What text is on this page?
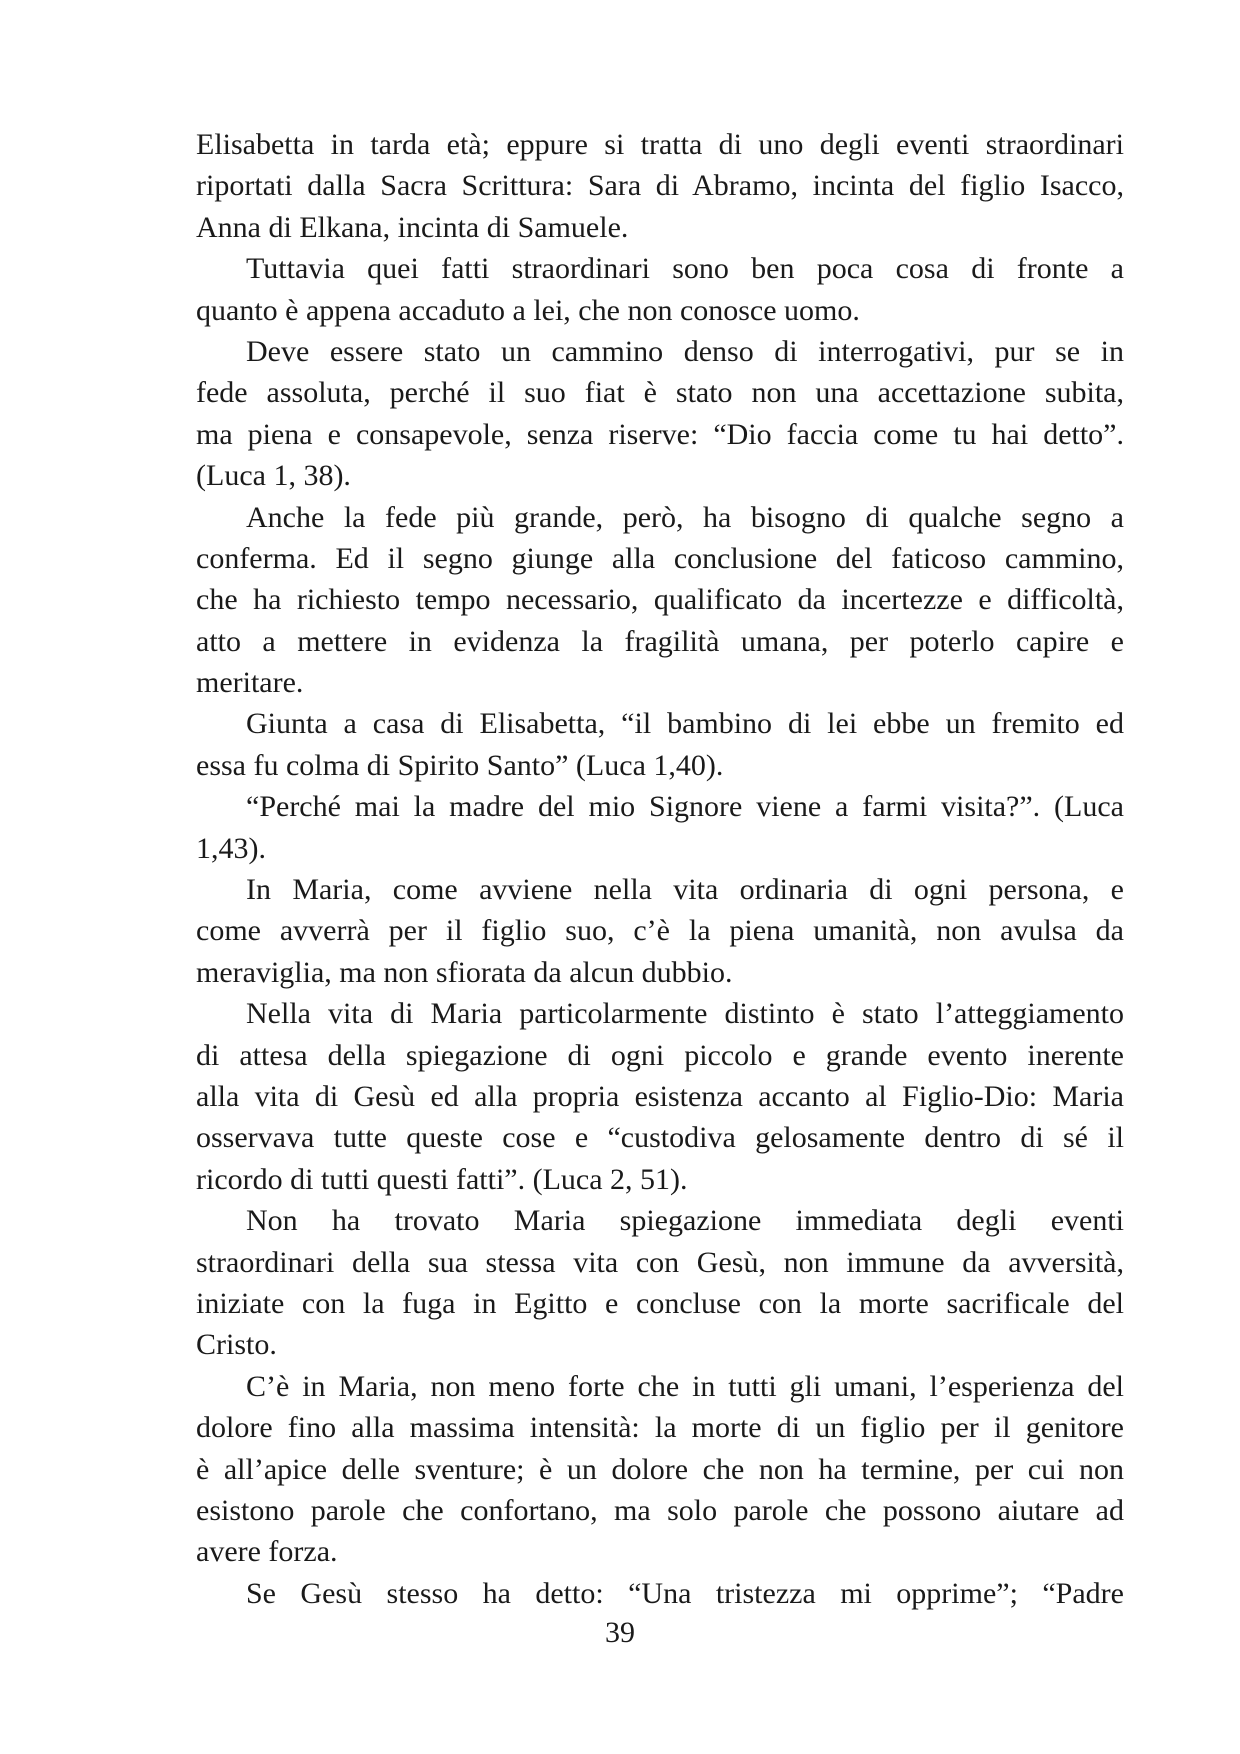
Elisabetta in tarda età; eppure si tratta di uno degli eventi straordinari
riportati dalla Sacra Scrittura: Sara di Abramo, incinta del figlio Isacco,
Anna di Elkana, incinta di Samuele.
Tuttavia quei fatti straordinari sono ben poca cosa di fronte a
quanto è appena accaduto a lei, che non conosce uomo.
Deve essere stato un cammino denso di interrogativi, pur se in
fede assoluta, perché il suo fiat è stato non una accettazione subita,
ma piena e consapevole, senza riserve: “Dio faccia come tu hai detto”.
(Luca 1, 38).
Anche la fede più grande, però, ha bisogno di qualche segno a
conferma. Ed il segno giunge alla conclusione del faticoso cammino,
che ha richiesto tempo necessario, qualificato da incertezze e difficoltà,
atto a mettere in evidenza la fragilità umana, per poterlo capire e
meritare.
Giunta a casa di Elisabetta, “il bambino di lei ebbe un fremito ed
essa fu colma di Spirito Santo” (Luca 1,40).
“Perché mai la madre del mio Signore viene a farmi visita?”. (Luca
1,43).
In Maria, come avviene nella vita ordinaria di ogni persona, e
come avverrà per il figlio suo, c’è la piena umanità, non avulsa da
meraviglia, ma non sfiorata da alcun dubbio.
Nella vita di Maria particolarmente distinto è stato l’atteggiamento
di attesa della spiegazione di ogni piccolo e grande evento inerente
alla vita di Gesù ed alla propria esistenza accanto al Figlio-Dio: Maria
osservava tutte queste cose e “custodiva gelosamente dentro di sé il
ricordo di tutti questi fatti”. (Luca 2, 51).
Non ha trovato Maria spiegazione immediata degli eventi
straordinari della sua stessa vita con Gesù, non immune da avversità,
iniziate con la fuga in Egitto e concluse con la morte sacrificale del
Cristo.
C’è in Maria, non meno forte che in tutti gli umani, l’esperienza del
dolore fino alla massima intensità: la morte di un figlio per il genitore
è all’apice delle sventure; è un dolore che non ha termine, per cui non
esistono parole che confortano, ma solo parole che possono aiutare ad
avere forza.
Se Gesù stesso ha detto: “Una tristezza mi opprime”; “Padre
39
